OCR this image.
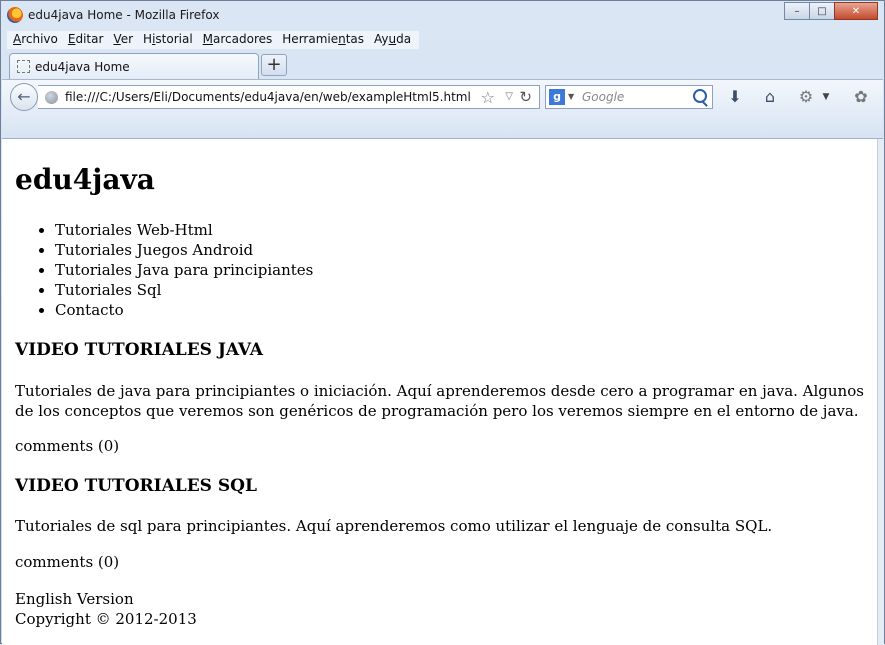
edu4java Home - Mozilla Firefox	–	□	✕
Archivo Editar Ver Historial Marcadores Herramientas Ayuda
edu4java Home	+
←	file:///C:/Users/Eli/Documents/edu4java/en/web/exampleHtml5.html ☆ ▽ ↻	g ▼ Google	⬇	⌂	⚙	▼ ✿
edu4java
• Tutoriales Web-Html
• Tutoriales Juegos Android
• Tutoriales Java para principiantes
• Tutoriales Sql
• Contacto
VIDEO TUTORIALES JAVA

Tutoriales de java para principiantes o iniciación. Aquí aprenderemos desde cero a programar en java. Algunos de los conceptos que veremos son genéricos de programación pero los veremos siempre en el entorno de java.

comments (0)

VIDEO TUTORIALES SQL

Tutoriales de sql para principiantes. Aquí aprenderemos como utilizar el lenguaje de consulta SQL.

comments (0)

English Version
Copyright © 2012-2013
